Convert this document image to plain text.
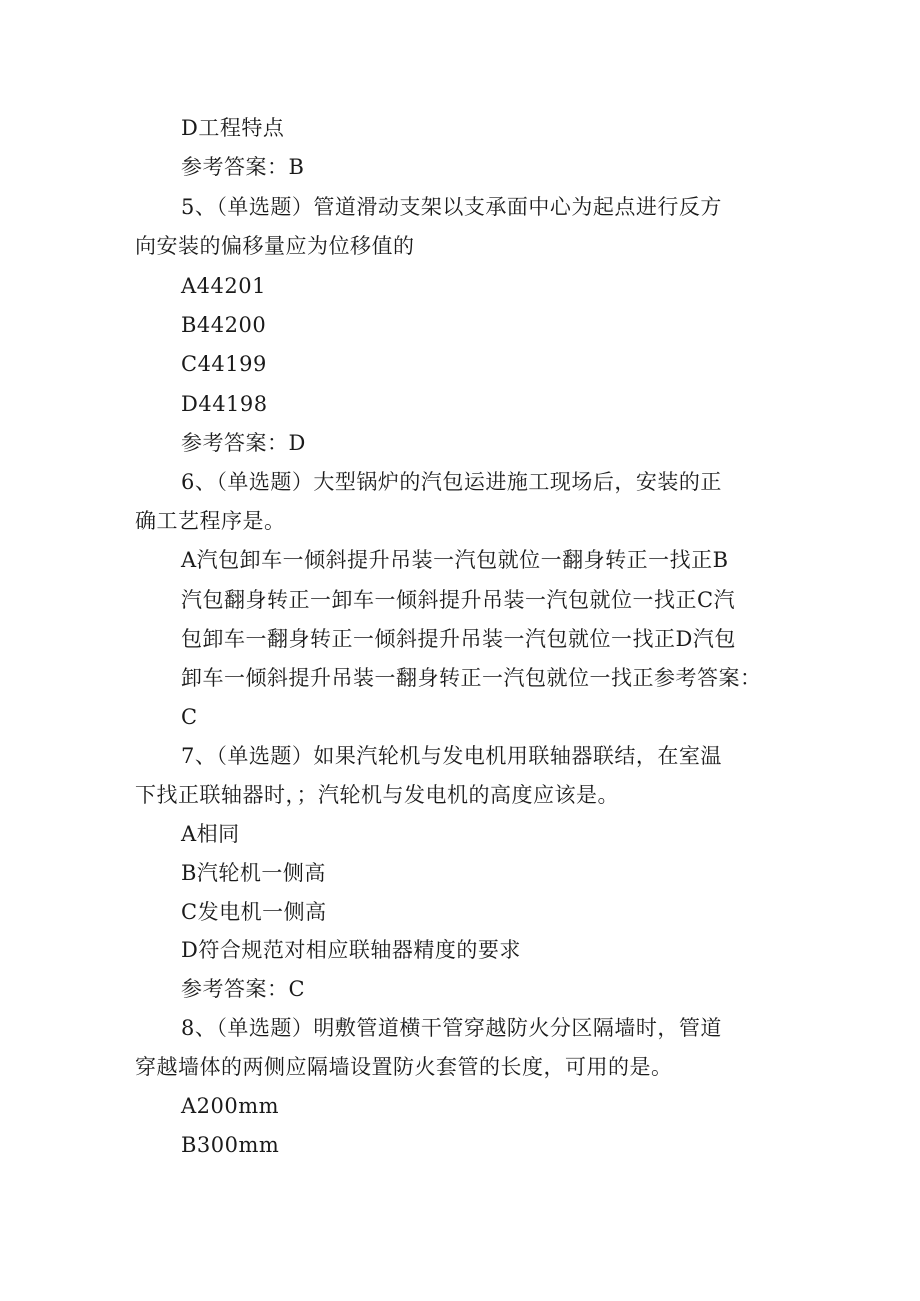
D工程特点
参考答案：B
5、（单选题）管道滑动支架以支承面中心为起点进行反方
向安装的偏移量应为位移值的
A44201
B44200
C44199
D44198
参考答案：D
6、（单选题）大型锅炉的汽包运进施工现场后，安装的正
确工艺程序是。
A汽包卸车一倾斜提升吊装一汽包就位一翻身转正一找正B
汽包翻身转正一卸车一倾斜提升吊装一汽包就位一找正C汽
包卸车一翻身转正一倾斜提升吊装一汽包就位一找正D汽包
卸车一倾斜提升吊装一翻身转正一汽包就位一找正参考答案：
C
7、（单选题）如果汽轮机与发电机用联轴器联结，在室温
下找正联轴器时，；汽轮机与发电机的高度应该是。
A相同
B汽轮机一侧高
C发电机一侧高
D符合规范对相应联轴器精度的要求
参考答案：C
8、（单选题）明敷管道横干管穿越防火分区隔墙时，管道
穿越墙体的两侧应隔墙设置防火套管的长度，可用的是。
A200mm
B300mm
